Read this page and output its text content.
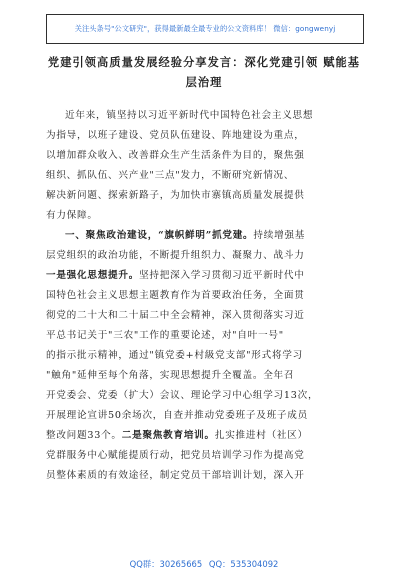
关注头条号"公文研究"，获得最新最全最专业的公文资料库！ 微信：gongwenyj
党建引领高质量发展经验分享发言：深化党建引领 赋能基
层治理
近年来，镇坚持以习近平新时代中国特色社会主义思想
为指导，以班子建设、党员队伍建设、阵地建设为重点，
以增加群众收入、改善群众生产生活条件为目的，聚焦强
组织、抓队伍、兴产业"三点"发力，不断研究新情况、
解决新问题、探索新路子，为加快市寨镇高质量发展提供
有力保障。
一、聚焦政治建设，“旗帜鲜明”抓党建。持续增强基
层党组织的政治功能，不断提升组织力、凝聚力、战斗力
一是强化思想提升。坚持把深入学习贯彻习近平新时代中
国特色社会主义思想主题教育作为首要政治任务，全面贯
彻党的二十大和二十届二中全会精神，深入贯彻落实习近
平总书记关于"三农"工作的重要论述，对"自叶一号"
的指示批示精神，通过"镇党委+村級党支部"形式将学习
"触角"延伸至每个角落，实现思想提升全覆盖。全年召
开党委会、党委（扩大）会议、理论学习中心组学习13次，
开展理论宣讲50余场次，自查并推动党委班子及班子成员
整改问题33个。二是聚焦教育培训。扎实推进村（社区）
党群服务中心赋能提质行动，把党员培训学习作为提高党
员整体素质的有效途径，制定党员干部培训计划，深入开
QQ群：30265665 QQ：535304092
